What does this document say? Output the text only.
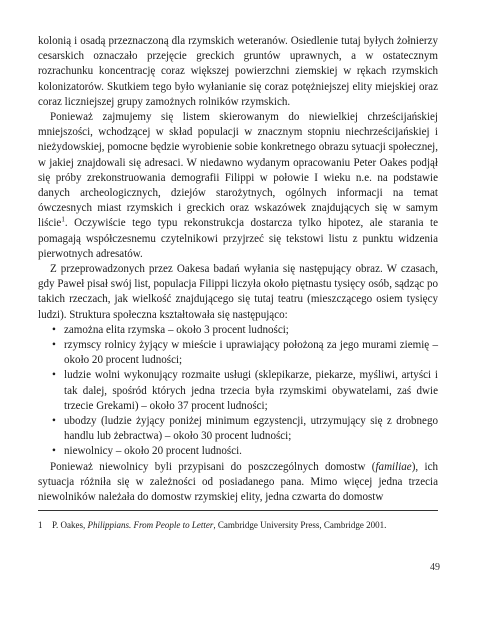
kolonią i osadą przeznaczoną dla rzymskich weteranów. Osiedlenie tutaj byłych żołnierzy cesarskich oznaczało przejęcie greckich gruntów uprawnych, a w ostatecznym rozrachunku koncentrację coraz większej powierzchni ziemskiej w rękach rzymskich kolonizatorów. Skutkiem tego było wyłanianie się coraz potężniejszej elity miejskiej oraz coraz liczniejszej grupy zamożnych rolników rzymskich.

Ponieważ zajmujemy się listem skierowanym do niewielkiej chrześcijańskiej mniejszości, wchodzącej w skład populacji w znacznym stopniu niechrześcijańskiej i nieżydowskiej, pomocne będzie wyrobienie sobie konkretnego obrazu sytuacji społecznej, w jakiej znajdowali się adresaci. W niedawno wydanym opracowaniu Peter Oakes podjął się próby zrekonstruowania demografii Filippi w połowie I wieku n.e. na podstawie danych archeologicznych, dziejów starożytnych, ogólnych informacji na temat ówczesnych miast rzymskich i greckich oraz wskazówek znajdujących się w samym liście$^1$. Oczywiście tego typu rekonstrukcja dostarcza tylko hipotez, ale starania te pomagają współczesnemu czytelnikowi przyjrzeć się tekstowi listu z punktu widzenia pierwotnych adresatów.

Z przeprowadzonych przez Oakesa badań wyłania się następujący obraz. W czasach, gdy Paweł pisał swój list, populacja Filippi liczyła około piętnastu tysięcy osób, sądząc po takich rzeczach, jak wielkość znajdującego się tutaj teatru (mieszczącego osiem tysięcy ludzi). Struktura społeczna kształtowała się następująco:

• zamożna elita rzymska – około 3 procent ludności;
• rzymscy rolnicy żyjący w mieście i uprawiający położoną za jego murami ziemię – około 20 procent ludności;
• ludzie wolni wykonujący rozmaite usługi (sklepikarze, piekarze, myśliwi, artyści i tak dalej, spośród których jedna trzecia była rzymskimi obywatelami, zaś dwie trzecie Grekami) – około 37 procent ludności;
• ubodzy (ludzie żyjący poniżej minimum egzystencji, utrzymujący się z drobnego handlu lub żebractwa) – około 30 procent ludności;
• niewolnicy – około 20 procent ludności.

Ponieważ niewolnicy byli przypisani do poszczególnych domostw (familiae), ich sytuacja różniła się w zależności od posiadanego pana. Mimo więcej jedna trzecia niewolników należała do domostw rzymskiej elity, jedna czwarta do domostw

1 P. Oakes, Philippians. From People to Letter, Cambridge University Press, Cambridge 2001.
49
